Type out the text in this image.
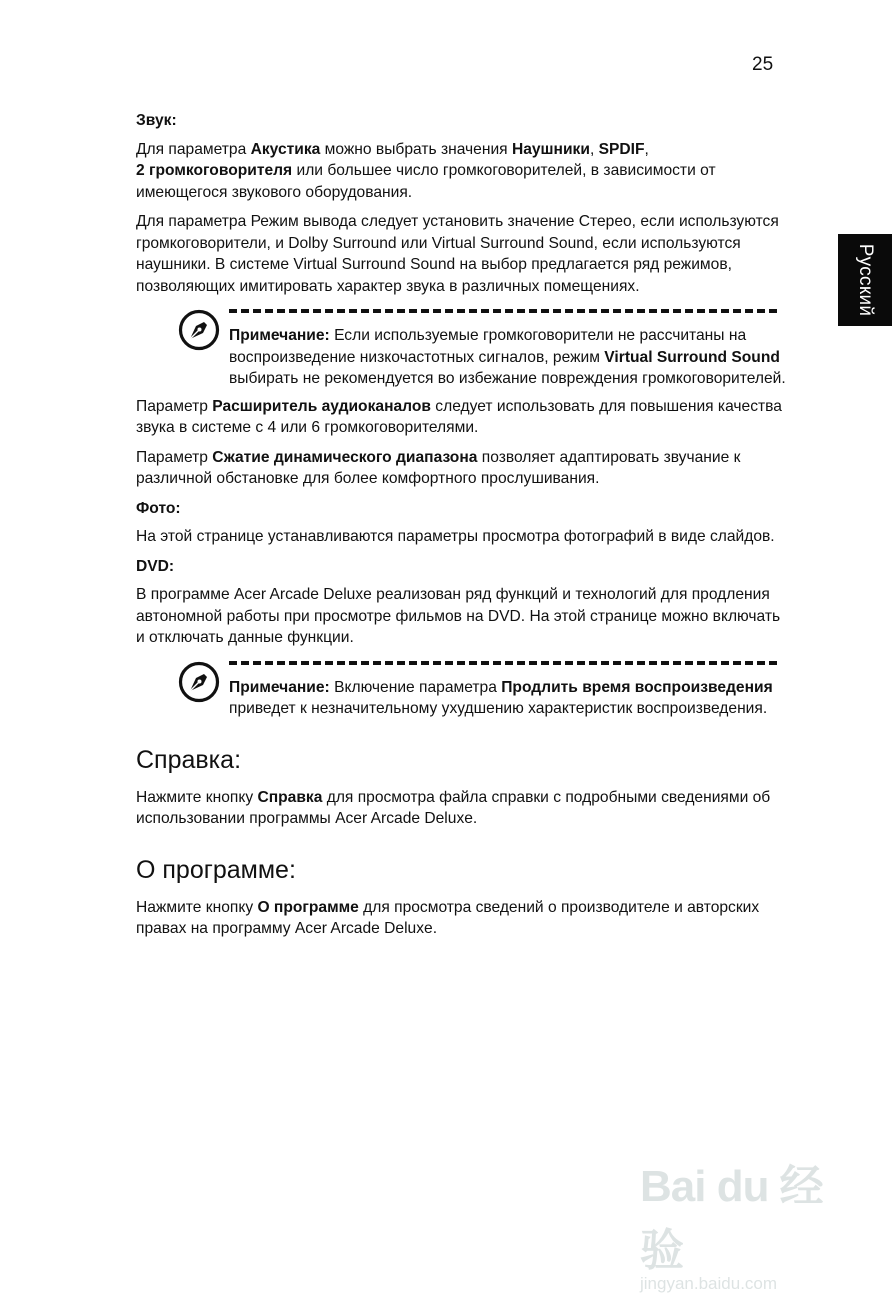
25
Русский
Звук:

Для параметра Акустика можно выбрать значения Наушники, SPDIF,
2 громкоговорителя или большее число громкоговорителей, в зависимости от имеющегося звукового оборудования.

Для параметра Режим вывода следует установить значение Стерео, если используются громкоговорители, и Dolby Surround или Virtual Surround Sound, если используются наушники. В системе Virtual Surround Sound на выбор предлагается ряд режимов, позволяющих имитировать характер звука в различных помещениях.

Примечание: Если используемые громкоговорители не рассчитаны на воспроизведение низкочастотных сигналов, режим Virtual Surround Sound выбирать не рекомендуется во избежание повреждения громкоговорителей.

Параметр Расширитель аудиоканалов следует использовать для повышения качества звука в системе с 4 или 6 громкоговорителями.

Параметр Сжатие динамического диапазона позволяет адаптировать звучание к различной обстановке для более комфортного прослушивания.

Фото:

На этой странице устанавливаются параметры просмотра фотографий в виде слайдов.

DVD:

В программе Acer Arcade Deluxe реализован ряд функций и технологий для продления автономной работы при просмотре фильмов на DVD. На этой странице можно включать и отключать данные функции.

Примечание: Включение параметра Продлить время воспроизведения приведет к незначительному ухудшению характеристик воспроизведения.
Справка:

Нажмите кнопку Справка для просмотра файла справки с подробными сведениями об использовании программы Acer Arcade Deluxe.

О программе:

Нажмите кнопку О программе для просмотра сведений о производителе и авторских правах на программу Acer Arcade Deluxe.

Bai du 经验
jingyan.baidu.com
